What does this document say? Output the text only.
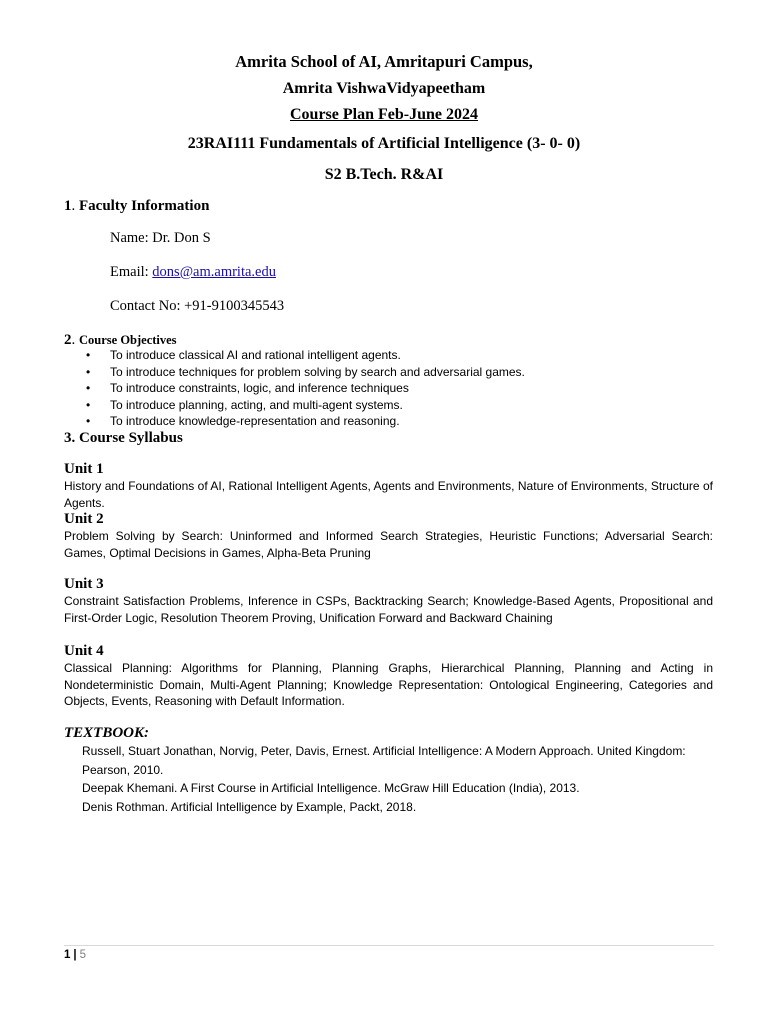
Amrita School of AI, Amritapuri Campus,
Amrita VishwaVidyapeetham
Course Plan Feb-June 2024
23RAI111 Fundamentals of Artificial Intelligence (3- 0- 0)
S2 B.Tech. R&AI
1. Faculty Information
Name: Dr. Don S
Email: dons@am.amrita.edu
Contact No: +91-9100345543
2. Course Objectives
• To introduce classical AI and rational intelligent agents.
• To introduce techniques for problem solving by search and adversarial games.
• To introduce constraints, logic, and inference techniques
• To introduce planning, acting, and multi-agent systems.
• To introduce knowledge-representation and reasoning.
3. Course Syllabus
Unit 1
History and Foundations of AI, Rational Intelligent Agents, Agents and Environments, Nature of Environments, Structure of Agents.
Unit 2
Problem Solving by Search: Uninformed and Informed Search Strategies, Heuristic Functions; Adversarial Search: Games, Optimal Decisions in Games, Alpha-Beta Pruning
Unit 3
Constraint Satisfaction Problems, Inference in CSPs, Backtracking Search; Knowledge-Based Agents, Propositional and First-Order Logic, Resolution Theorem Proving, Unification Forward and Backward Chaining
Unit 4
Classical Planning: Algorithms for Planning, Planning Graphs, Hierarchical Planning, Planning and Acting in Nondeterministic Domain, Multi-Agent Planning; Knowledge Representation: Ontological Engineering, Categories and Objects, Events, Reasoning with Default Information.
TEXTBOOK:
Russell, Stuart Jonathan, Norvig, Peter, Davis, Ernest. Artificial Intelligence: A Modern Approach. United Kingdom: Pearson, 2010.
Deepak Khemani. A First Course in Artificial Intelligence. McGraw Hill Education (India), 2013.
Denis Rothman. Artificial Intelligence by Example, Packt, 2018.
1 | 5
